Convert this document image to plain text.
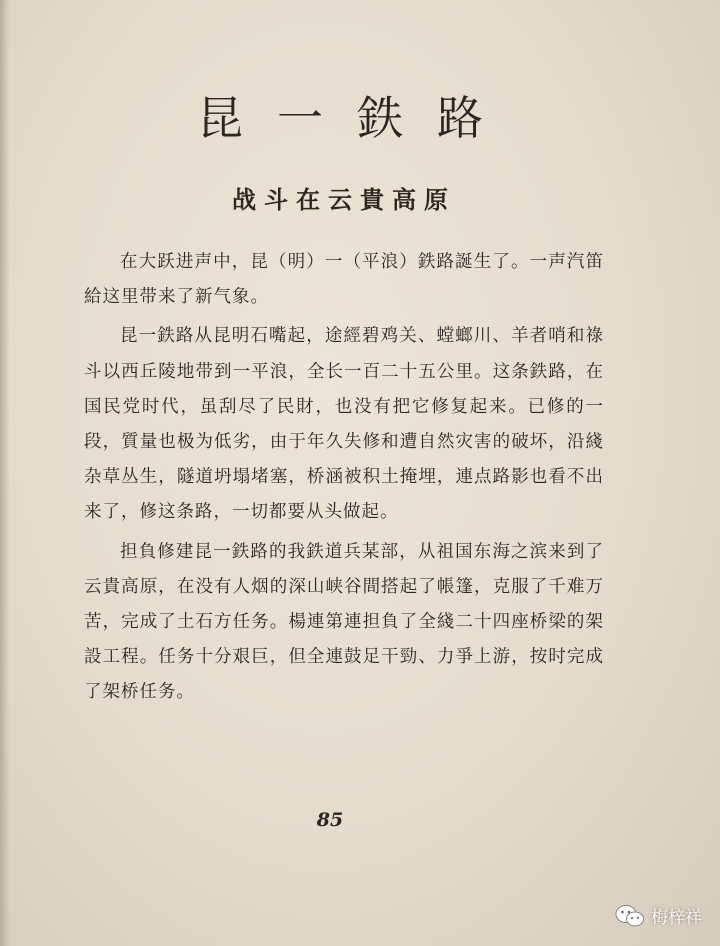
昆一鉄路
战斗在云貴高原

在大跃进声中，昆（明）一（平浪）鉄路誕生了。一声汽笛給这里带来了新气象。

昆一鉄路从昆明石嘴起，途經碧鸡关、螳螂川、羊者哨和祿斗以西丘陵地带到一平浪，全长一百二十五公里。这条鉄路，在国民党时代，虽刮尽了民財，也没有把它修复起来。已修的一段，質量也极为低劣，由于年久失修和遭自然灾害的破坏，沿綫杂草丛生，隧道坍塌堵塞，桥涵被积土掩埋，連点路影也看不出来了，修这条路，一切都要从头做起。

担負修建昆一鉄路的我鉄道兵某部，从祖国东海之滨来到了云貴高原，在没有人烟的深山峡谷間搭起了帳篷，克服了千难万苦，完成了土石方任务。楊連第連担負了全綫二十四座桥梁的架設工程。任务十分艰巨，但全連鼓足干勁、力爭上游，按时完成了架桥任务。

85
梅梓祥
